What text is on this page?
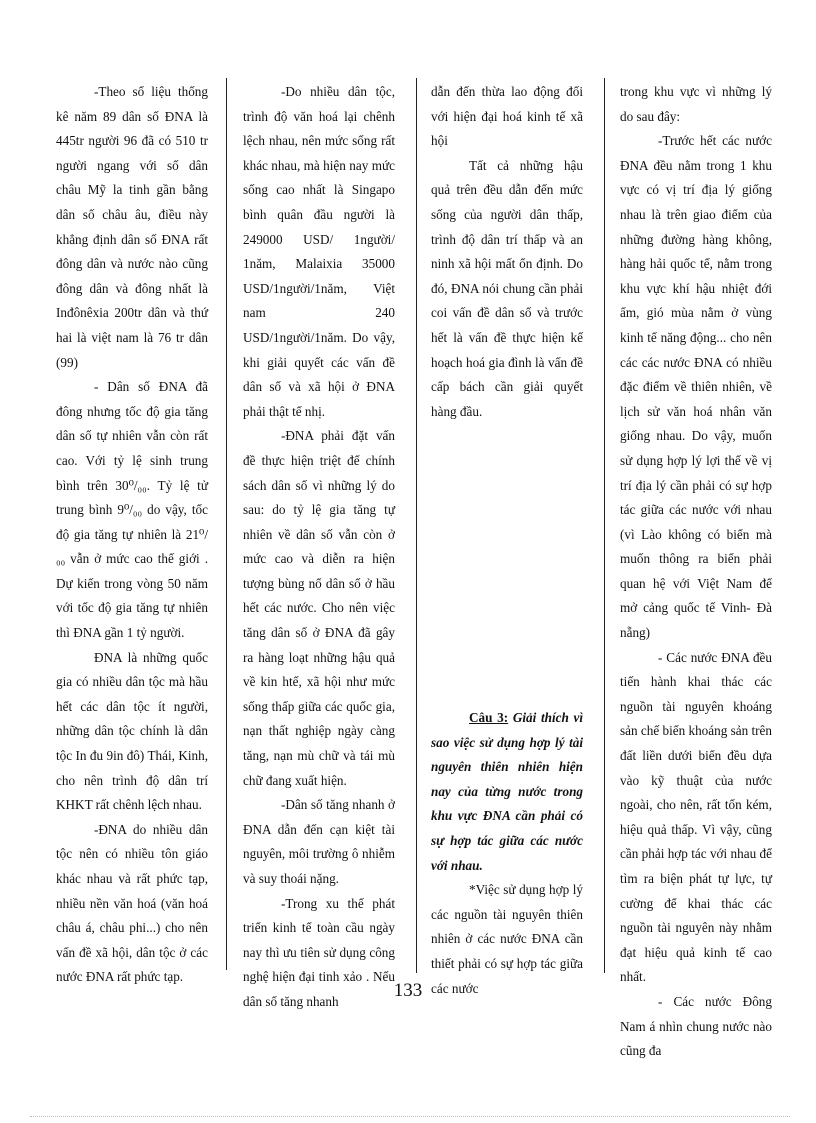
-Theo số liệu thống kê năm 89 dân số ĐNA là 445tr người 96 đã có 510 tr người ngang với số dân châu Mỹ la tinh gần bằng dân số châu âu, điều này khẳng định dân số ĐNA rất đông dân và nước nào cũng đông dân và đông nhất là Inđônêxia 200tr dân và thứ hai là việt nam là 76 tr dân (99)

- Dân số ĐNA đã đông nhưng tốc độ gia tăng dân số tự nhiên vẫn còn rất cao. Với tỷ lệ sinh trung bình trên 30⁰/₀₀. Tỷ lệ tử trung bình 9⁰/₀₀ do vậy, tốc độ gia tăng tự nhiên là 21⁰/₀₀ vẫn ở mức cao thế giới . Dự kiến trong vòng 50 năm với tốc độ gia tăng tự nhiên thì ĐNA gần 1 tỷ người.

ĐNA là những quốc gia có nhiều dân tộc mà hầu hết các dân tộc ít người, những dân tộc chính là dân tộc In đu 9in đô) Thái, Kinh, cho nên trình độ dân trí KHKT rất chênh lệch nhau.

-ĐNA do nhiều dân tộc nên có nhiều tôn giáo khác nhau và rất phức tạp, nhiều nền văn hoá (văn hoá châu á, châu phi...) cho nên vấn đề xã hội, dân tộc ở các nước ĐNA rất phức tạp.

-Do nhiều dân tộc, trình độ văn hoá lại chênh lệch nhau, nên mức sống rất khác nhau, mà hiện nay mức sống cao nhất là Singapo bình quân đầu người là 249000 USD/ 1người/ 1năm, Malaixia 35000 USD/1người/1năm, Việt nam 240 USD/1người/1năm. Do vậy, khi giải quyết các vấn đề dân số và xã hội ở ĐNA phải thật tế nhị.

-ĐNA phải đặt vấn đề thực hiện triệt để chính sách dân số vì những lý do sau: do tỷ lệ gia tăng tự nhiên về dân số vẫn còn ở mức cao và diễn ra hiện tượng bùng nổ dân số ở hầu hết các nước. Cho nên việc tăng dân số ở ĐNA đã gây ra hàng loạt những hậu quả về kin htế, xã hội như mức sống thấp giữa các quốc gia, nạn thất nghiệp ngày càng tăng, nạn mù chữ và tái mù chữ đang xuất hiện.

-Dân số tăng nhanh ở ĐNA dẫn đến cạn kiệt tài nguyên, môi trường ô nhiễm và suy thoái nặng.

-Trong xu thế phát triển kinh tế toàn cầu ngày nay thì ưu tiên sử dụng công nghệ hiện đại tinh xảo . Nếu dân số tăng nhanh

dẫn đến thừa lao động đối với hiện đại hoá kinh tế xã hội

Tất cả những hậu quả trên đều dẫn đến mức sống của người dân thấp, trình độ dân trí thấp và an ninh xã hội mất ổn định. Do đó, ĐNA nói chung cần phải coi vấn đề dân số và trước hết là vấn đề thực hiện kế hoạch hoá gia đình là vấn đề cấp bách cần giải quyết hàng đầu.

Câu 3: Giải thích vì sao việc sử dụng hợp lý tài nguyên thiên nhiên hiện nay của từng nước trong khu vực ĐNA cần phải có sự hợp tác giữa các nước với nhau.

*Việc sử dụng hợp lý các nguồn tài nguyên thiên nhiên ở các nước ĐNA cần thiết phải có sự hợp tác giữa các nước

trong khu vực vì những lý do sau đây:

-Trước hết các nước ĐNA đều nằm trong 1 khu vực có vị trí địa lý giống nhau là trên giao điểm của những đường hàng không, hàng hải quốc tế, nằm trong khu vực khí hậu nhiệt đới ẩm, gió mùa nằm ở vùng kinh tế năng động... cho nên các các nước ĐNA có nhiều đặc điểm về thiên nhiên, về lịch sử văn hoá nhân văn giống nhau. Do vậy, muốn sử dụng hợp lý lợi thế về vị trí địa lý cần phải có sự hợp tác giữa các nước với nhau (vì Lào không có biển mà muốn thông ra biển phải quan hệ với Việt Nam để mở cảng quốc tế Vinh- Đà nẵng)

- Các nước ĐNA đều tiến hành khai thác các nguồn tài nguyên khoáng sản chế biến khoáng sản trên đất liền dưới biển đều dựa vào kỹ thuật của nước ngoài, cho nên, rất tốn kém, hiệu quả thấp. Vì vậy, cũng cần phải hợp tác với nhau để tìm ra biện phát tự lực, tự cường để khai thác các nguồn tài nguyên này nhằm đạt hiệu quả kinh tế cao nhất.

- Các nước Đông Nam á nhìn chung nước nào cũng đa

133
